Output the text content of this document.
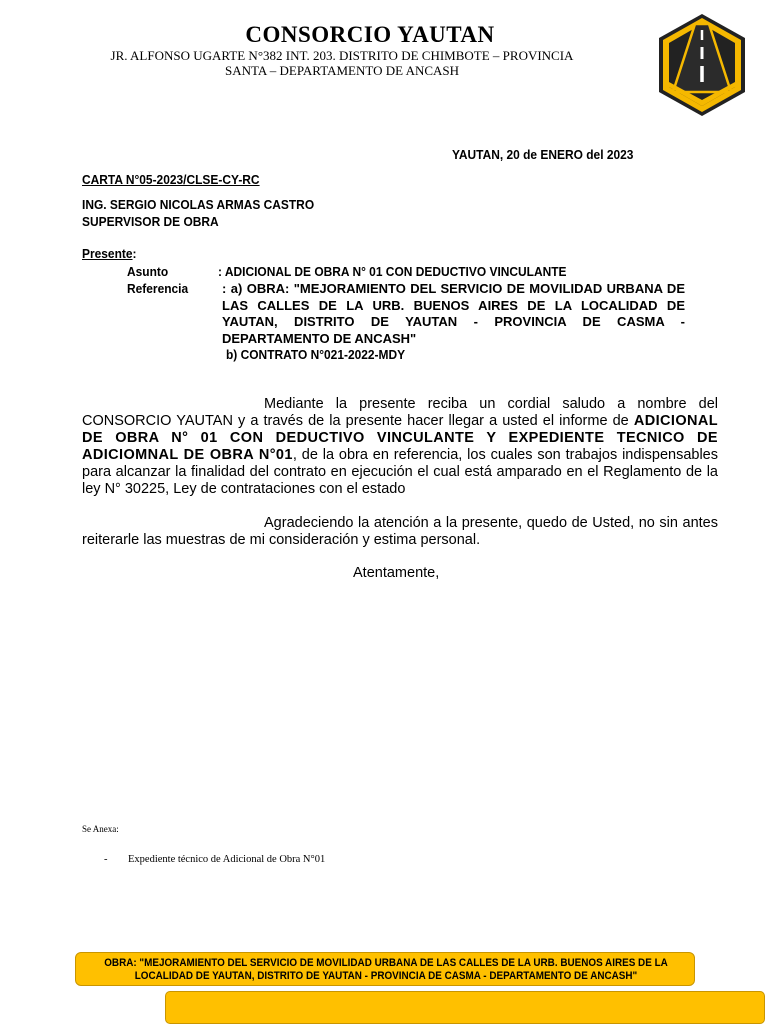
CONSORCIO YAUTAN
JR. ALFONSO UGARTE N°382 INT. 203. DISTRITO DE CHIMBOTE – PROVINCIA
SANTA – DEPARTAMENTO DE ANCASH
YAUTAN, 20 de ENERO del 2023
CARTA N°05-2023/CLSE-CY-RC
ING. SERGIO NICOLAS ARMAS CASTRO
SUPERVISOR DE OBRA
Presente:
Asunto	: ADICIONAL DE OBRA N° 01 CON DEDUCTIVO VINCULANTE
Referencia	: a) OBRA: "MEJORAMIENTO DEL SERVICIO DE MOVILIDAD URBANA DE LAS CALLES DE LA URB. BUENOS AIRES DE LA LOCALIDAD DE YAUTAN, DISTRITO DE YAUTAN - PROVINCIA DE CASMA - DEPARTAMENTO DE ANCASH"
b) CONTRATO N°021-2022-MDY
Mediante la presente reciba un cordial saludo a nombre del CONSORCIO YAUTAN y a través de la presente hacer llegar a usted el informe de ADICIONAL DE OBRA N° 01 CON DEDUCTIVO VINCULANTE Y EXPEDIENTE TECNICO DE ADICIOMNAL DE OBRA N°01, de la obra en referencia, los cuales son trabajos indispensables para alcanzar la finalidad del contrato en ejecución el cual está amparado en el Reglamento de la ley N° 30225, Ley de contrataciones con el estado
Agradeciendo la atención a la presente, quedo de Usted, no sin antes reiterarle las muestras de mi consideración y estima personal.
Atentamente,
Se Anexa:
- Expediente técnico de Adicional de Obra N°01
OBRA: "MEJORAMIENTO DEL SERVICIO DE MOVILIDAD URBANA DE LAS CALLES DE LA URB. BUENOS AIRES DE LA LOCALIDAD DE YAUTAN, DISTRITO DE YAUTAN - PROVINCIA DE CASMA - DEPARTAMENTO DE ANCASH"
